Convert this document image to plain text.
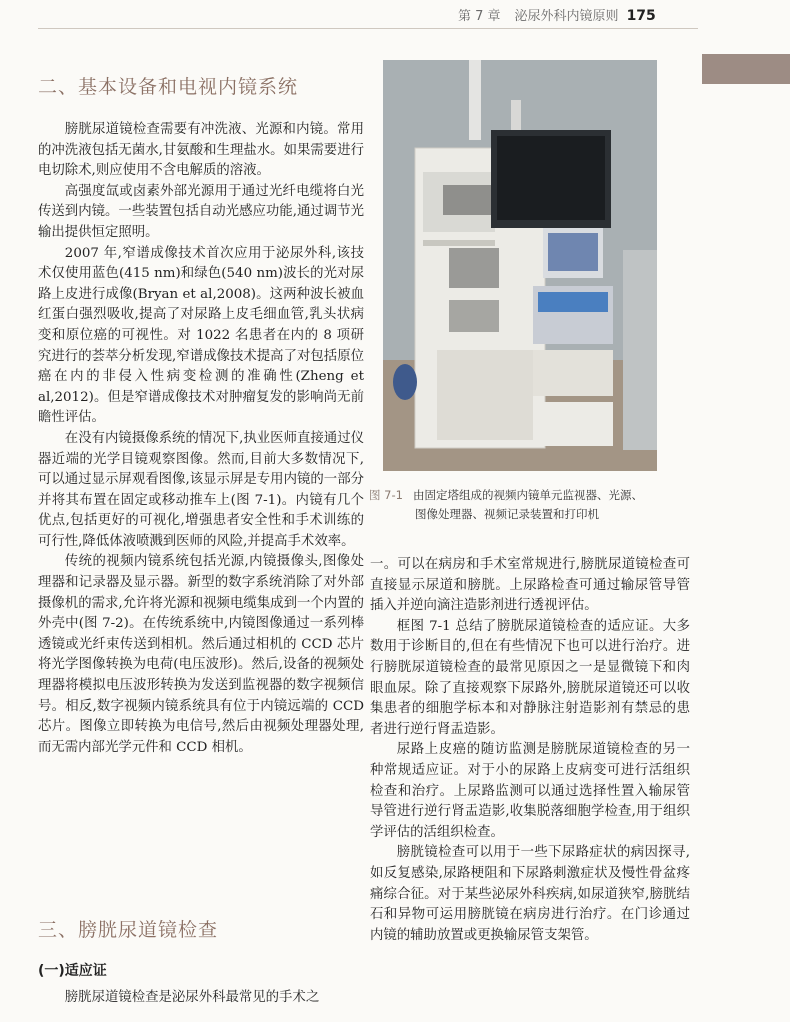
第 7 章 泌尿外科内镜原则 175
二、基本设备和电视内镜系统

膀胱尿道镜检查需要有冲洗液、光源和内镜。常用的冲洗液包括无菌水,甘氨酸和生理盐水。如果需要进行电切除术,则应使用不含电解质的溶液。

高强度氙或卤素外部光源用于通过光纤电缆将白光传送到内镜。一些装置包括自动光感应功能,通过调节光输出提供恒定照明。

2007 年,窄谱成像技术首次应用于泌尿外科,该技术仅使用蓝色(415 nm)和绿色(540 nm)波长的光对尿路上皮进行成像(Bryan et al,2008)。这两种波长被血红蛋白强烈吸收,提高了对尿路上皮毛细血管,乳头状病变和原位癌的可视性。对 1022 名患者在内的 8 项研究进行的荟萃分析发现,窄谱成像技术提高了对包括原位癌在内的非侵入性病变检测的准确性(Zheng et al,2012)。但是窄谱成像技术对肿瘤复发的影响尚无前瞻性评估。

在没有内镜摄像系统的情况下,执业医师直接通过仪器近端的光学目镜观察图像。然而,目前大多数情况下,可以通过显示屏观看图像,该显示屏是专用内镜的一部分并将其布置在固定或移动推车上(图 7-1)。内镜有几个优点,包括更好的可视化,增强患者安全性和手术训练的可行性,降低体液喷溅到医师的风险,并提高手术效率。

传统的视频内镜系统包括光源,内镜摄像头,图像处理器和记录器及显示器。新型的数字系统消除了对外部摄像机的需求,允许将光源和视频电缆集成到一个内置的外壳中(图 7-2)。在传统系统中,内镜图像通过一系列棒透镜或光纤束传送到相机。然后通过相机的 CCD 芯片将光学图像转换为电荷(电压波形)。然后,设备的视频处理器将模拟电压波形转换为发送到监视器的数字视频信号。相反,数字视频内镜系统具有位于内镜远端的 CCD 芯片。图像立即转换为电信号,然后由视频处理器处理,而无需内部光学元件和 CCD 相机。

三、膀胱尿道镜检查
(一)适应证

膀胱尿道镜检查是泌尿外科最常见的手术之

图 7-1 由固定塔组成的视频内镜单元监视器、光源、
图像处理器、视频记录装置和打印机

一。可以在病房和手术室常规进行,膀胱尿道镜检查可直接显示尿道和膀胱。上尿路检查可通过输尿管导管插入并逆向滴注造影剂进行透视评估。

框图 7-1 总结了膀胱尿道镜检查的适应证。大多数用于诊断目的,但在有些情况下也可以进行治疗。进行膀胱尿道镜检查的最常见原因之一是显微镜下和肉眼血尿。除了直接观察下尿路外,膀胱尿道镜还可以收集患者的细胞学标本和对静脉注射造影剂有禁忌的患者进行逆行肾盂造影。

尿路上皮癌的随访监测是膀胱尿道镜检查的另一种常规适应证。对于小的尿路上皮病变可进行活组织检查和治疗。上尿路监测可以通过选择性置入输尿管导管进行逆行肾盂造影,收集脱落细胞学检查,用于组织学评估的活组织检查。

膀胱镜检查可以用于一些下尿路症状的病因探寻,如反复感染,尿路梗阻和下尿路刺激症状及慢性骨盆疼痛综合征。对于某些泌尿外科疾病,如尿道狭窄,膀胱结石和异物可运用膀胱镜在病房进行治疗。在门诊通过内镜的辅助放置或更换输尿管支架管。
